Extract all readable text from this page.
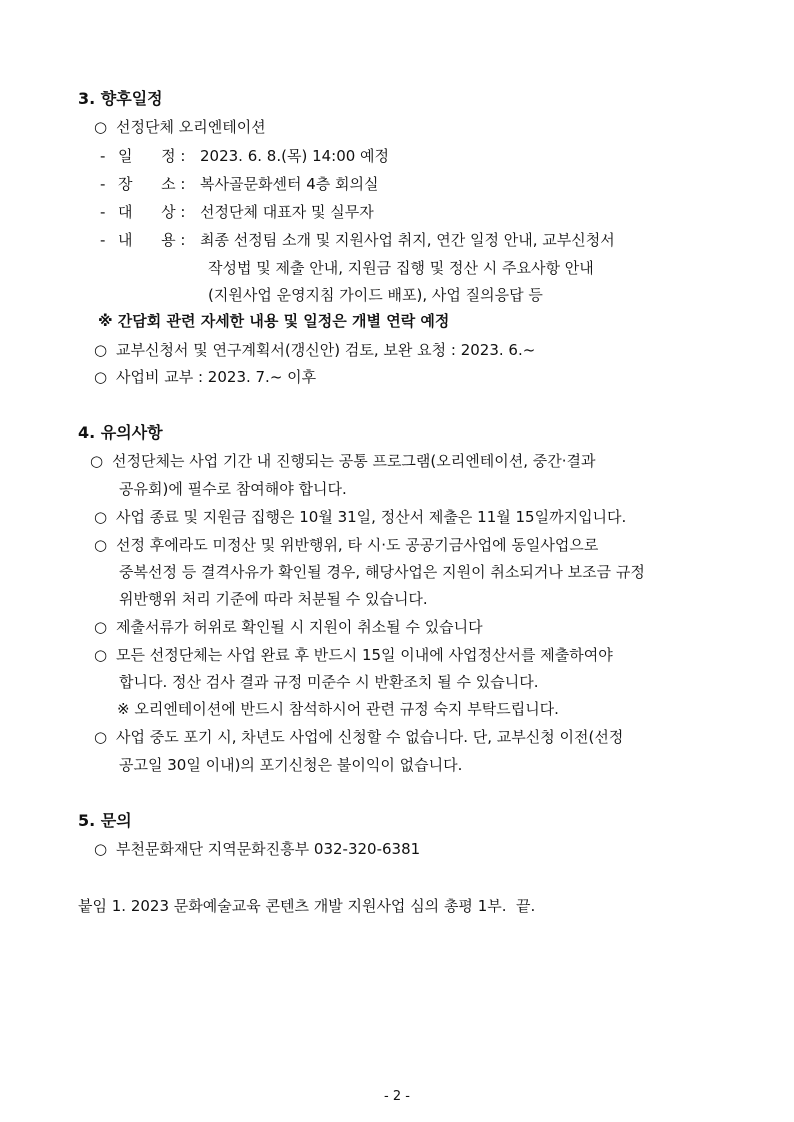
3. 향후일정
○ 선정단체 오리엔테이션
- 일      정 : 2023. 6. 8.(목) 14:00 예정
- 장      소 : 복사골문화센터 4층 회의실
- 대      상 : 선정단체 대표자 및 실무자
- 내      용 : 최종 선정팀 소개 및 지원사업 취지, 연간 일정 안내, 교부신청서
작성법 및 제출 안내, 지원금 집행 및 정산 시 주요사항 안내
(지원사업 운영지침 가이드 배포), 사업 질의응답 등
※ 간담회 관련 자세한 내용 및 일정은 개별 연락 예정
○ 교부신청서 및 연구계획서(갱신안) 검토, 보완 요청 : 2023. 6.~
○ 사업비 교부 : 2023. 7.~ 이후
4. 유의사항
○ 선정단체는 사업 기간 내 진행되는 공통 프로그램(오리엔테이션, 중간·결과
공유회)에 필수로 참여해야 합니다.
○ 사업 종료 및 지원금 집행은 10월 31일, 정산서 제출은 11월 15일까지입니다.
○ 선정 후에라도 미정산 및 위반행위, 타 시·도 공공기금사업에 동일사업으로
중복선정 등 결격사유가 확인될 경우, 해당사업은 지원이 취소되거나 보조금 규정
위반행위 처리 기준에 따라 처분될 수 있습니다.
○ 제출서류가 허위로 확인될 시 지원이 취소될 수 있습니다
○ 모든 선정단체는 사업 완료 후 반드시 15일 이내에 사업정산서를 제출하여야
합니다. 정산 검사 결과 규정 미준수 시 반환조치 될 수 있습니다.
※ 오리엔테이션에 반드시 참석하시어 관련 규정 숙지 부탁드립니다.
○ 사업 중도 포기 시, 차년도 사업에 신청할 수 없습니다. 단, 교부신청 이전(선정
공고일 30일 이내)의 포기신청은 불이익이 없습니다.
5. 문의
○ 부천문화재단 지역문화진흥부 032-320-6381
붙임 1. 2023 문화예술교육 콘텐츠 개발 지원사업 심의 총평 1부.  끝.
- 2 -
